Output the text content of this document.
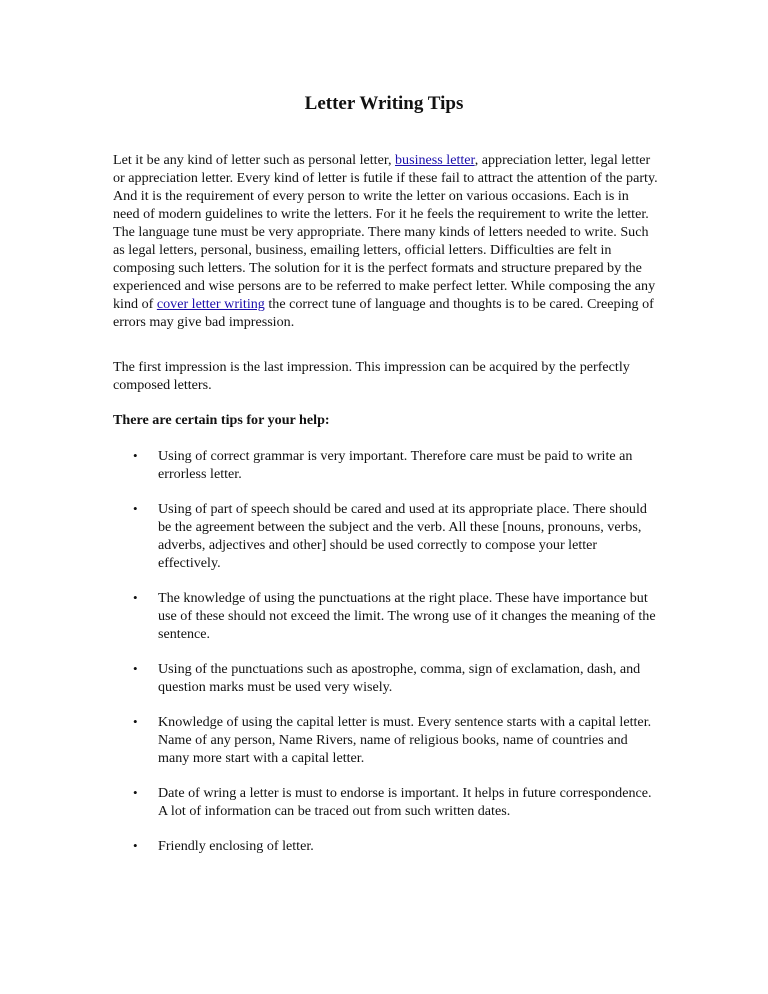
Letter Writing Tips

Let it be any kind of letter such as personal letter, business letter, appreciation letter, legal letter or appreciation letter. Every kind of letter is futile if these fail to attract the attention of the party. And it is the requirement of every person to write the letter on various occasions. Each is in need of modern guidelines to write the letters. For it he feels the requirement to write the letter. The language tune must be very appropriate. There many kinds of letters needed to write. Such as legal letters, personal, business, emailing letters, official letters. Difficulties are felt in composing such letters. The solution for it is the perfect formats and structure prepared by the experienced and wise persons are to be referred to make perfect letter. While composing the any kind of cover letter writing the correct tune of language and thoughts is to be cared. Creeping of errors may give bad impression.

The first impression is the last impression. This impression can be acquired by the perfectly composed letters.

There are certain tips for your help:

•	Using of correct grammar is very important. Therefore care must be paid to write an errorless letter.
•	Using of part of speech should be cared and used at its appropriate place. There should be the agreement between the subject and the verb. All these [nouns, pronouns, verbs, adverbs, adjectives and other] should be used correctly to compose your letter effectively.
•	The knowledge of using the punctuations at the right place. These have importance but use of these should not exceed the limit. The wrong use of it changes the meaning of the sentence.
•	Using of the punctuations such as apostrophe, comma, sign of exclamation, dash, and question marks must be used very wisely.
•	Knowledge of using the capital letter is must. Every sentence starts with a capital letter. Name of any person, Name Rivers, name of religious books, name of countries and many more start with a capital letter.
•	Date of wring a letter is must to endorse is important. It helps in future correspondence. A lot of information can be traced out from such written dates.
•	Friendly enclosing of letter.
